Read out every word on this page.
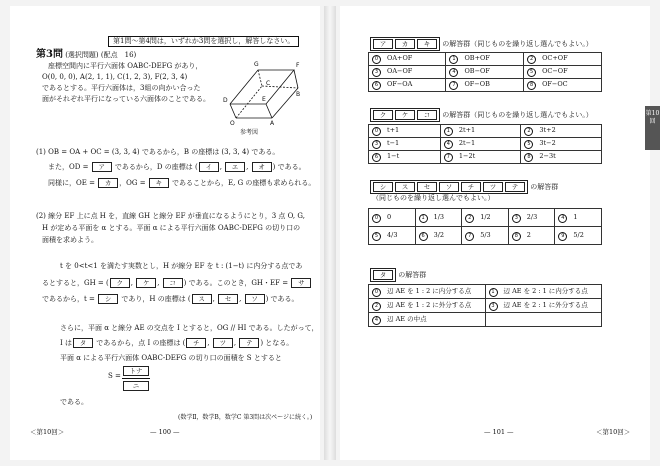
第1問～第4問は，いずれか3問を選択し，解答しなさい。
第3問 (選択問題) (配点　16)
座標空間内に平行六面体 OABC-DEFG があり，
O(0, 0, 0), A(2, 1, 1), C(1, 2, 3), F(2, 3, 4)
であるとする。平行六面体は，3組の向かい合った
面がそれぞれ平行になっている六面体のことである。
G	F
D	E
C
B
O	A
参考図
(1) OB = OA + OC = (3, 3, 4) であるから，B の座標は (3, 3, 4) である。
また，OD = ア であるから，D の座標は ( イ , エ , オ ) である。
同様に，OE = カ ，OG = キ であることから，E, G の座標も求められる。
(2) 線分 EF 上に点 H を，直線 GH と線分 EF が垂直になるようにとり，3 点 O, G,
H が定める平面を α とする。平面 α による平行六面体 OABC-DEFG の切り口の
面積を求めよう。
t を 0<t<1 を満たす実数とし，H が線分 EF を t : (1−t) に内分する点であ
るとすると，GH = ( ク , ケ , コ ) である。このとき，GH・EF = サ
であるから，t = シ であり，H の座標は ( ス , セ , ソ ) である。
さらに，平面 α と線分 AE の交点を I とすると，OG // HI である。したがって，
I は タ であるから，点 I の座標は ( チ , ツ , テ ) となる。
平面 α による平行六面体 OABC-DEFG の切り口の面積を S とすると
S =
トナ
ニ
である。
(数学Ⅱ，数学B，数学C 第3問は次ページに続く。)
＜第10回＞	— 100 —
ア カ キ の解答群（同じものを繰り返し選んでもよい。）
0 OA+OF	1 OB+OF	2 OC+OF
3 OA−OF	4 OB−OF	5 OC−OF
6 OF−OA	7 OF−OB	8 OF−OC
ク ケ コ の解答群（同じものを繰り返し選んでもよい。）
0 t+1	1 2t+1	2 3t+2
3 t−1	4 2t−1	5 3t−2
6 1−t	7 1−2t	8 2−3t
シ ス セ ソ チ ツ テ の解答群
（同じものを繰り返し選んでもよい。）
0 0	1 1/3	2 1/2	3 2/3	4 1
5 4/3	6 3/2	7 5/3	8 2	9 5/2
タ の解答群
0 辺 AE を 1 : 2 に内分する点	1 辺 AE を 2 : 1 に内分する点
2 辺 AE を 1 : 2 に外分する点	3 辺 AE を 2 : 1 に外分する点
4 辺 AE の中点	
第10回
— 101 —	＜第10回＞
